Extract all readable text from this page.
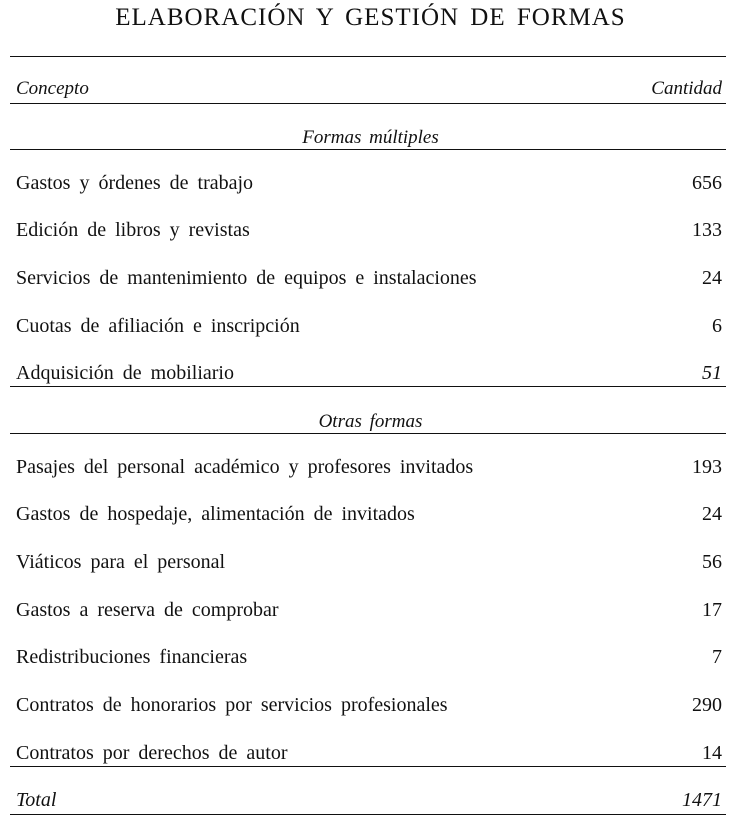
ELABORACIÓN Y GESTIÓN DE FORMAS
Concepto	Cantidad
Formas múltiples
Gastos y órdenes de trabajo	656
Edición de libros y revistas	133
Servicios de mantenimiento de equipos e instalaciones	24
Cuotas de afiliación e inscripción	6
Adquisición de mobiliario	51
Otras formas
Pasajes del personal académico y profesores invitados	193
Gastos de hospedaje, alimentación de invitados	24
Viáticos para el personal	56
Gastos a reserva de comprobar	17
Redistribuciones financieras	7
Contratos de honorarios por servicios profesionales	290
Contratos por derechos de autor	14
Total	1471
